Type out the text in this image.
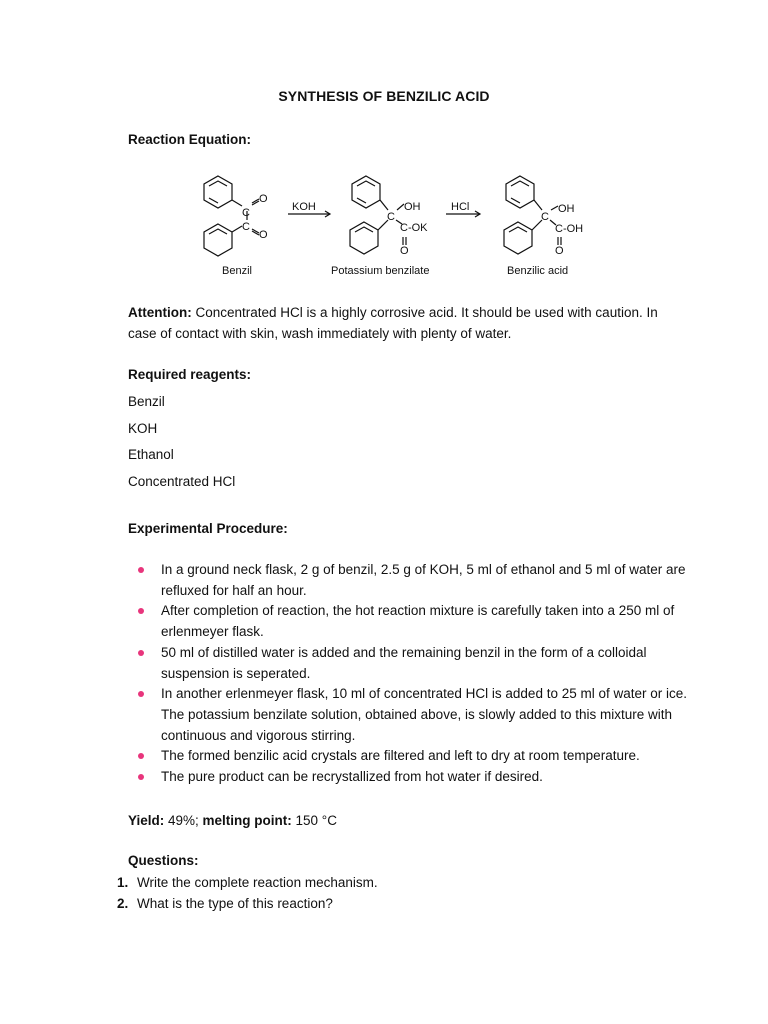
SYNTHESIS OF BENZILIC ACID
Reaction Equation:
C
O
C
O
KOH	HCl
C
OH
C-OK
O
C
OH
C-OH
O
Benzil	Potassium benzilate	Benzilic acid
Attention: Concentrated HCl is a highly corrosive acid. It should be used with caution. In case of contact with skin, wash immediately with plenty of water.
Required reagents:
Benzil
KOH
Ethanol
Concentrated HCl
Experimental Procedure:
In a ground neck flask, 2 g of benzil, 2.5 g of KOH, 5 ml of ethanol and 5 ml of water are refluxed for half an hour.
After completion of reaction, the hot reaction mixture is carefully taken into a 250 ml of erlenmeyer flask.
50 ml of distilled water is added and the remaining benzil in the form of a colloidal suspension is seperated.
In another erlenmeyer flask, 10 ml of concentrated HCl is added to 25 ml of water or ice. The potassium benzilate solution, obtained above, is slowly added to this mixture with continuous and vigorous stirring.
The formed benzilic acid crystals are filtered and left to dry at room temperature.
The pure product can be recrystallized from hot water if desired.
Yield: 49%; melting point: 150 °C
Questions:
1. Write the complete reaction mechanism.
2. What is the type of this reaction?
